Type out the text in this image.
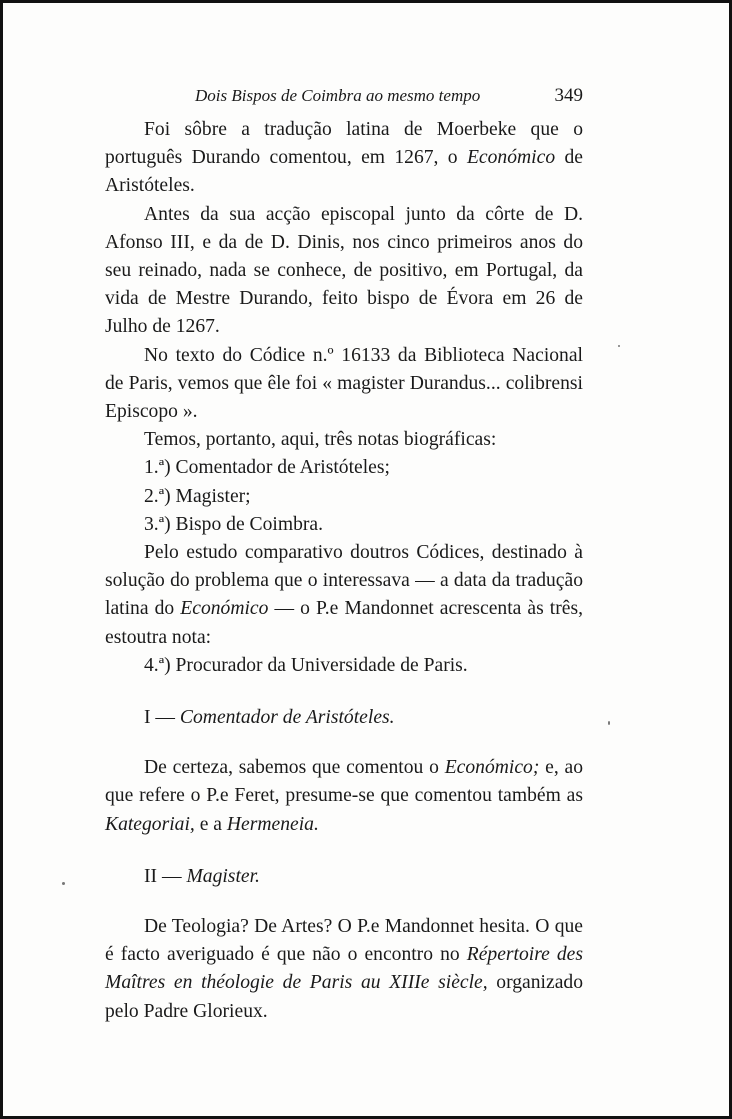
Dois Bispos de Coimbra ao mesmo tempo	349

Foi sôbre a tradução latina de Moerbeke que o português Durando comentou, em 1267, o Económico de Aristóteles.

Antes da sua acção episcopal junto da côrte de D. Afonso III, e da de D. Dinis, nos cinco primeiros anos do seu reinado, nada se conhece, de positivo, em Portugal, da vida de Mestre Durando, feito bispo de Évora em 26 de Julho de 1267.

No texto do Códice n.º 16133 da Biblioteca Nacional de Paris, vemos que êle foi « magister Durandus... colibrensi Episcopo ».

Temos, portanto, aqui, três notas biográficas:

1.ª) Comentador de Aristóteles;

2.ª) Magister;

3.ª) Bispo de Coimbra.

Pelo estudo comparativo doutros Códices, destinado à solução do problema que o interessava — a data da tradução latina do Económico — o P.e Mandonnet acrescenta às três, estoutra nota:

4.ª) Procurador da Universidade de Paris.

I — Comentador de Aristóteles.

De certeza, sabemos que comentou o Económico; e, ao que refere o P.e Feret, presume-se que comentou também as Kategoriai, e a Hermeneia.

II — Magister.

De Teologia? De Artes? O P.e Mandonnet hesita. O que é facto averiguado é que não o encontro no Répertoire des Maîtres en théologie de Paris au XIIIe siècle, organizado pelo Padre Glorieux.
